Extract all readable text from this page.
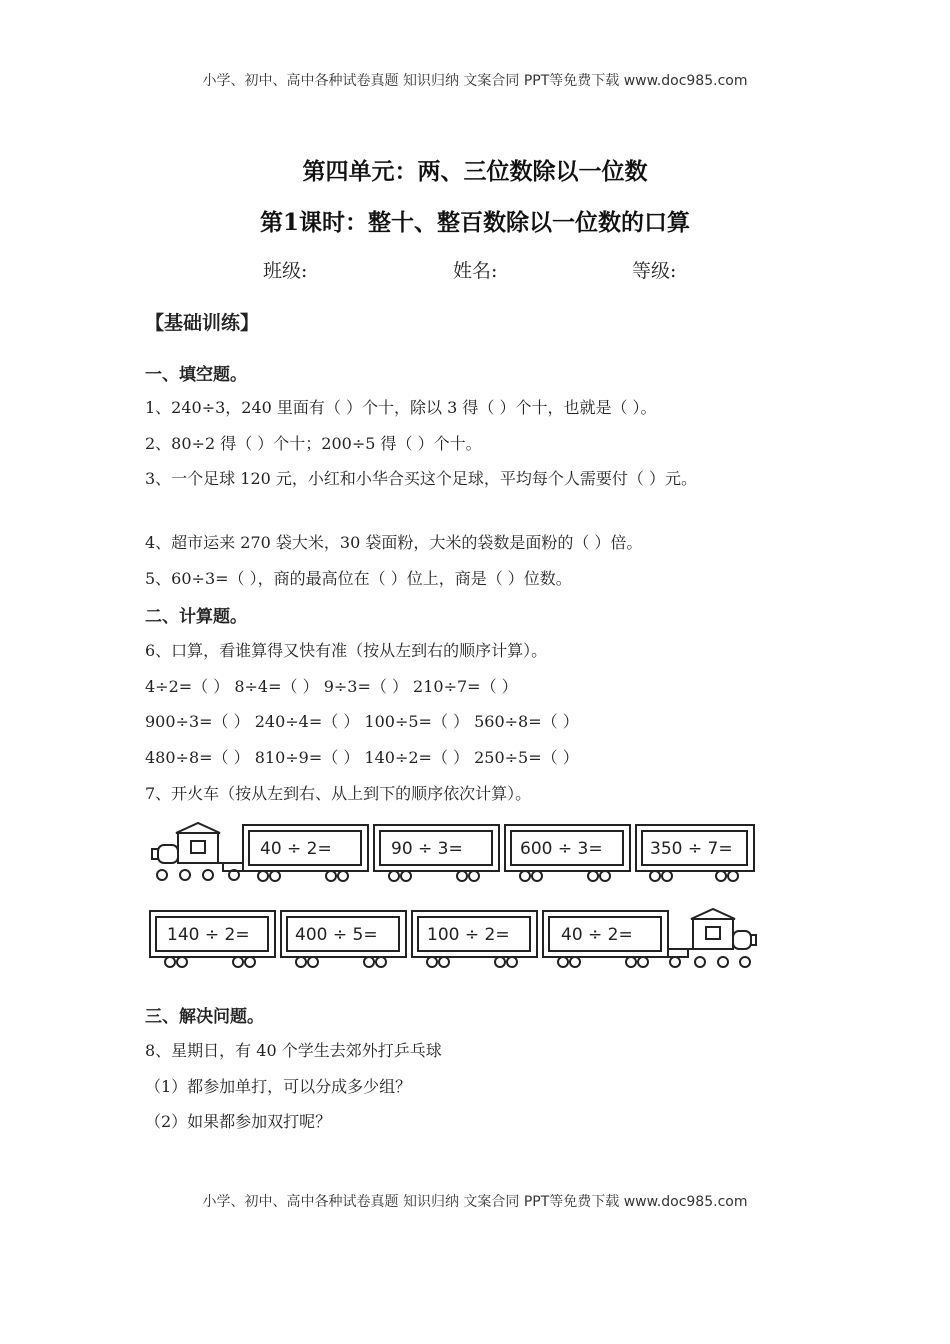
小学、初中、高中各种试卷真题 知识归纳 文案合同 PPT等免费下载 www.doc985.com
第四单元：两、三位数除以一位数
第1课时：整十、整百数除以一位数的口算
班级:	姓名:	等级:
【基础训练】
一、填空题。
1、240÷3，240 里面有（ ）个十，除以 3 得（ ）个十，也就是（ ）。
2、80÷2 得（ ）个十；200÷5 得（ ）个十。
3、一个足球 120 元，小红和小华合买这个足球，平均每个人需要付（ ）元。
4、超市运来 270 袋大米，30 袋面粉，大米的袋数是面粉的（ ）倍。
5、60÷3=（ ），商的最高位在（ ）位上，商是（ ）位数。
二、计算题。
6、口算，看谁算得又快有准（按从左到右的顺序计算）。
4÷2=（ ） 8÷4=（ ） 9÷3=（ ） 210÷7=（ ）
900÷3=（ ） 240÷4=（ ） 100÷5=（ ） 560÷8=（ ）
480÷8=（ ） 810÷9=（ ） 140÷2=（ ） 250÷5=（ ）
7、开火车（按从左到右、从上到下的顺序依次计算）。
40 ÷ 2=	90 ÷ 3=	600 ÷ 3=	350 ÷ 7=
140 ÷ 2=	400 ÷ 5=	100 ÷ 2=	40 ÷ 2=
三、解决问题。
8、星期日，有 40 个学生去郊外打乒乓球
（1）都参加单打，可以分成多少组？
（2）如果都参加双打呢？
小学、初中、高中各种试卷真题 知识归纳 文案合同 PPT等免费下载 www.doc985.com
